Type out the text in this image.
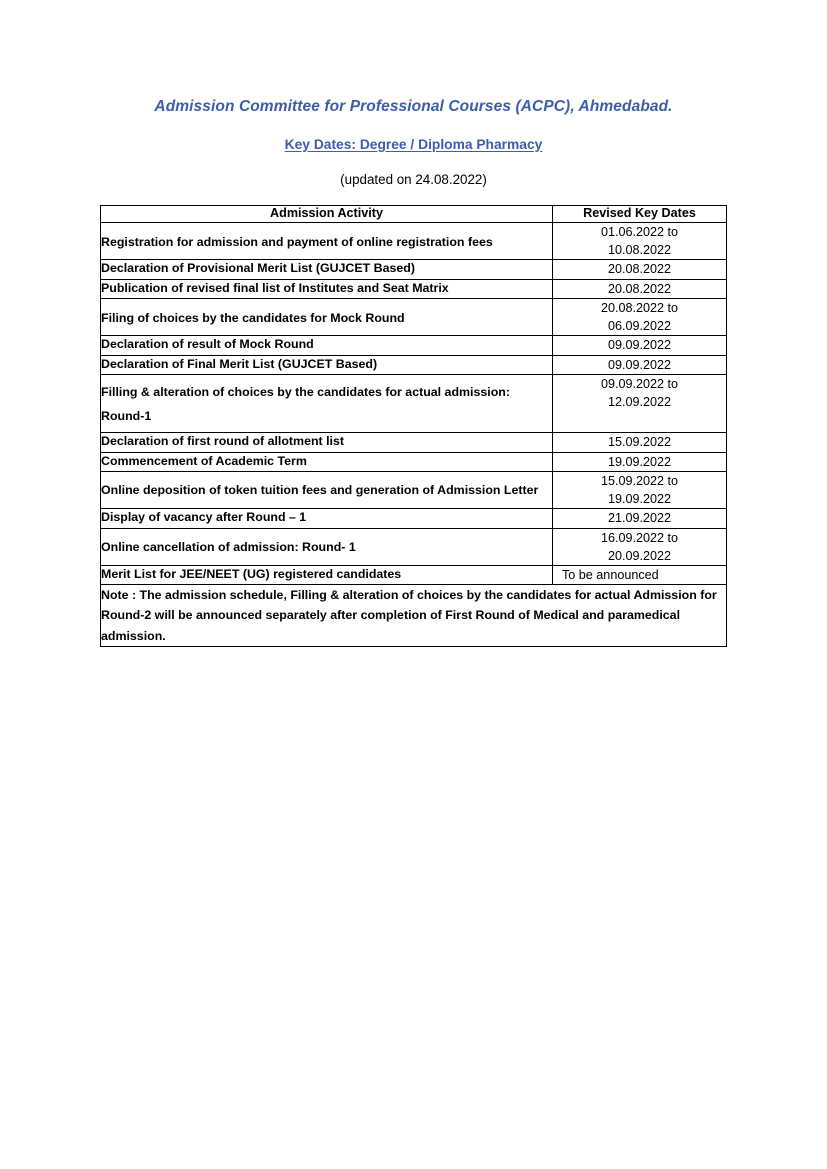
Admission Committee for Professional Courses (ACPC), Ahmedabad.
Key Dates: Degree / Diploma Pharmacy
(updated on 24.08.2022)
Admission Activity	Revised Key Dates
Registration for admission and payment of online registration fees	01.06.2022 to
10.08.2022

Declaration of Provisional Merit List (GUJCET Based)	20.08.2022

Publication of revised final list of Institutes and Seat Matrix	20.08.2022

Filing of choices by the candidates for Mock Round	20.08.2022 to
06.09.2022

Declaration of result of Mock Round	09.09.2022

Declaration of Final Merit List (GUJCET Based)	09.09.2022

Filling & alteration of choices by the candidates for actual admission: Round-1	09.09.2022 to
12.09.2022

Declaration of first round of allotment list	15.09.2022

Commencement of Academic Term	19.09.2022

Online deposition of token tuition fees and generation of Admission Letter	15.09.2022 to
19.09.2022

Display of vacancy after Round – 1	21.09.2022

Online cancellation of admission: Round- 1	16.09.2022 to
20.09.2022

Merit List for JEE/NEET (UG) registered candidates	To be announced

Note : The admission schedule, Filling & alteration of choices by the candidates for actual Admission for Round-2 will be announced separately after completion of First Round of Medical and paramedical admission.	
